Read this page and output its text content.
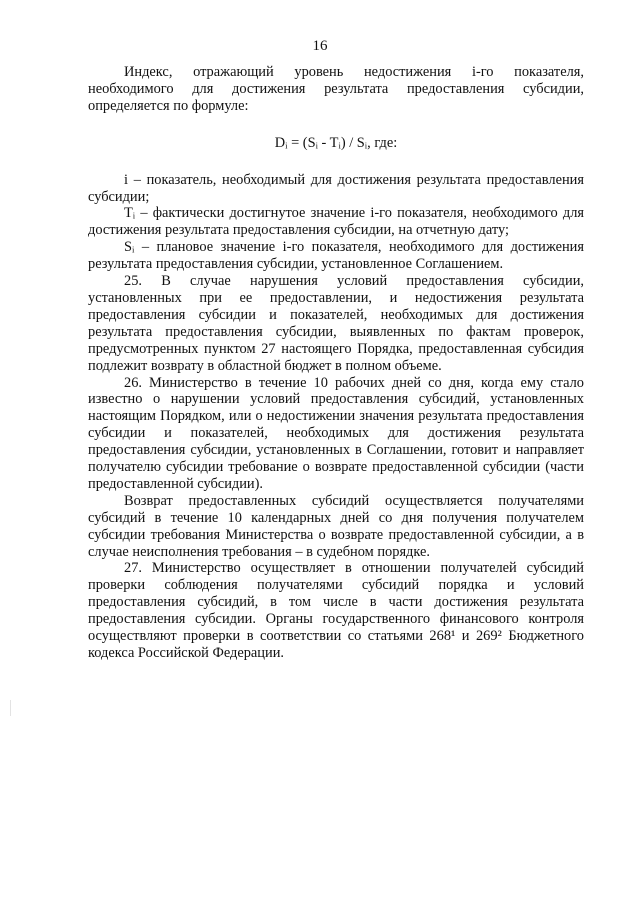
16

Индекс, отражающий уровень недостижения i-го показателя, необходимого для достижения результата предоставления субсидии, определяется по формуле:

Dᵢ = (Sᵢ - Tᵢ) / Sᵢ, где:

i – показатель, необходимый для достижения результата предоставления субсидии;

Tᵢ – фактически достигнутое значение i-го показателя, необходимого для достижения результата предоставления субсидии, на отчетную дату;

Sᵢ – плановое значение i-го показателя, необходимого для достижения результата предоставления субсидии, установленное Соглашением.

25. В случае нарушения условий предоставления субсидии, установленных при ее предоставлении, и недостижения результата предоставления субсидии и показателей, необходимых для достижения результата предоставления субсидии, выявленных по фактам проверок, предусмотренных пунктом 27 настоящего Порядка, предоставленная субсидия подлежит возврату в областной бюджет в полном объеме.

26. Министерство в течение 10 рабочих дней со дня, когда ему стало известно о нарушении условий предоставления субсидий, установленных настоящим Порядком, или о недостижении значения результата предоставления субсидии и показателей, необходимых для достижения результата предоставления субсидии, установленных в Соглашении, готовит и направляет получателю субсидии требование о возврате предоставленной субсидии (части предоставленной субсидии).

Возврат предоставленных субсидий осуществляется получателями субсидий в течение 10 календарных дней со дня получения получателем субсидии требования Министерства о возврате предоставленной субсидии, а в случае неисполнения требования – в судебном порядке.

27. Министерство осуществляет в отношении получателей субсидий проверки соблюдения получателями субсидий порядка и условий предоставления субсидий, в том числе в части достижения результата предоставления субсидии. Органы государственного финансового контроля осуществляют проверки в соответствии со статьями 268¹ и 269² Бюджетного кодекса Российской Федерации.
